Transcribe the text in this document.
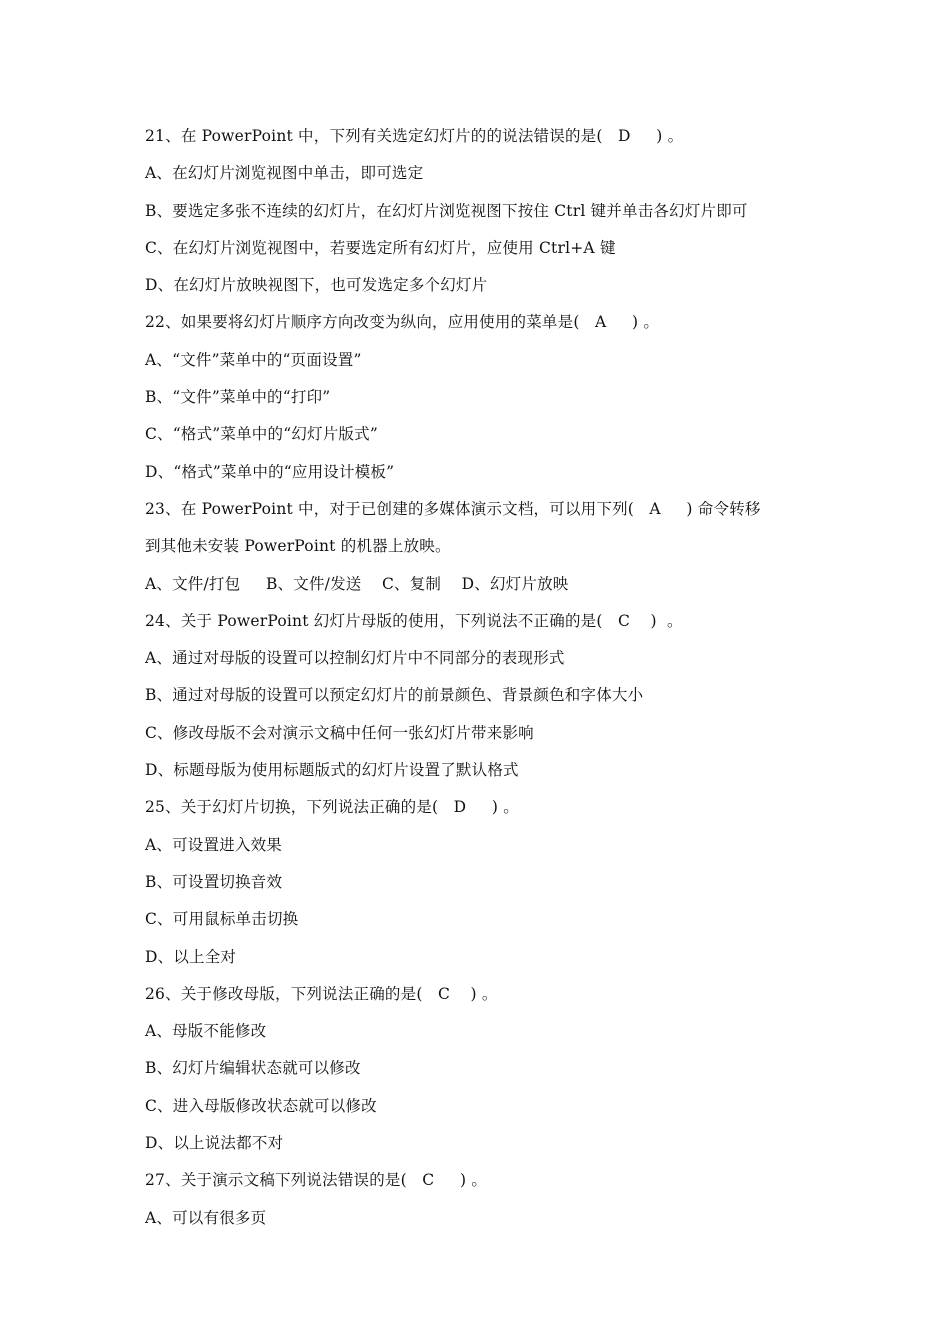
21、在 PowerPoint 中，下列有关选定幻灯片的的说法错误的是(   D     ) 。
A、在幻灯片浏览视图中单击，即可选定
B、要选定多张不连续的幻灯片，在幻灯片浏览视图下按住 Ctrl 键并单击各幻灯片即可
C、在幻灯片浏览视图中，若要选定所有幻灯片，应使用 Ctrl+A 键
D、在幻灯片放映视图下，也可发选定多个幻灯片
22、如果要将幻灯片顺序方向改变为纵向，应用使用的菜单是(   A     ) 。
A、“文件”菜单中的“页面设置”
B、“文件”菜单中的“打印”
C、“格式”菜单中的“幻灯片版式”
D、“格式”菜单中的“应用设计模板”
23、在 PowerPoint 中，对于已创建的多媒体演示文档，可以用下列(   A     ) 命令转移
到其他未安装 PowerPoint 的机器上放映。
A、文件/打包     B、文件/发送    C、复制    D、幻灯片放映
24、关于 PowerPoint 幻灯片母版的使用，下列说法不正确的是(   C    )  。
A、通过对母版的设置可以控制幻灯片中不同部分的表现形式
B、通过对母版的设置可以预定幻灯片的前景颜色、背景颜色和字体大小
C、修改母版不会对演示文稿中任何一张幻灯片带来影响
D、标题母版为使用标题版式的幻灯片设置了默认格式
25、关于幻灯片切换，下列说法正确的是(   D     ) 。
A、可设置进入效果
B、可设置切换音效
C、可用鼠标单击切换
D、以上全对
26、关于修改母版，下列说法正确的是(   C    ) 。
A、母版不能修改
B、幻灯片编辑状态就可以修改
C、进入母版修改状态就可以修改
D、以上说法都不对
27、关于演示文稿下列说法错误的是(   C     ) 。
A、可以有很多页
